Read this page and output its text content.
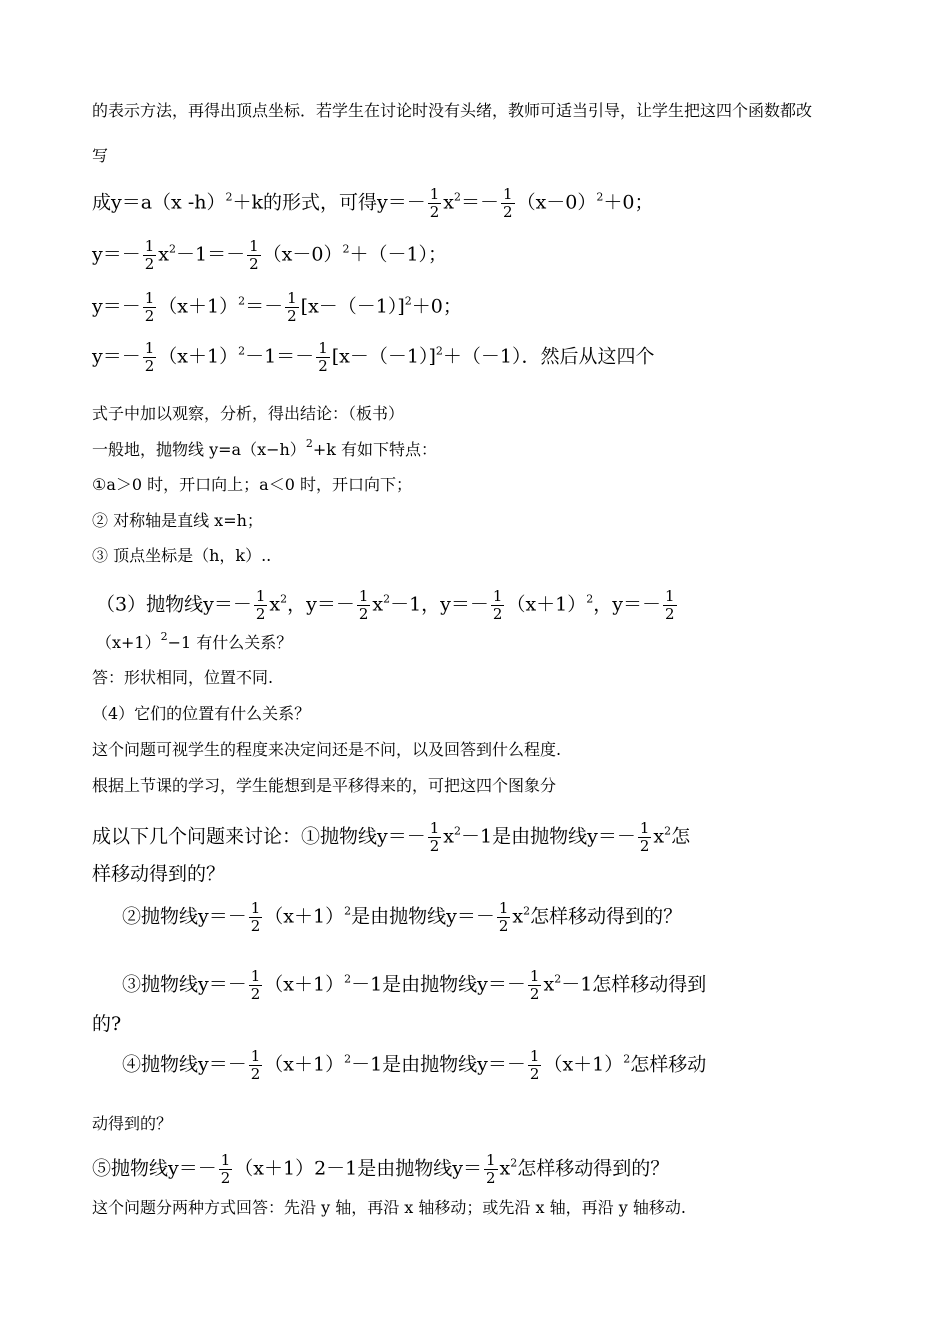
的表示方法，再得出顶点坐标．若学生在讨论时没有头绪，教师可适当引导，让学生把这四个函数都改
写
成y＝a（x -h）$^2$＋k的形式，可得$y=- \frac{1}{2} x^2=- \frac{1}{2} (x-0)^2+0$；
$y=- \frac{1}{2} x^2-1=- \frac{1}{2} (x-0)^2+(-1)$；
$y=- \frac{1}{2} (x+1)^2=- \frac{1}{2} [x-(-1)]^2+0$；
$y=- \frac{1}{2} (x+1)^2-1=- \frac{1}{2} [x-(-1)]^2+(-1)$．然后从这四个
式子中加以观察，分析，得出结论：（板书）
一般地，抛物线 $y=a(x-h)^2+k$ 有如下特点：
①a＞0 时，开口向上；a＜0 时，开口向下；
② 对称轴是直线 x=h；
③ 顶点坐标是（h，k）..
（3）抛物线$y=- \frac{1}{2} x^2$，$y=- \frac{1}{2} x^2-1$，$y=- \frac{1}{2} (x+1)^2$，$y=- \frac{1}{2}$
$(x+1)^2-1$ 有什么关系？
答：形状相同，位置不同.
（4）它们的位置有什么关系？
这个问题可视学生的程度来决定问还是不问，以及回答到什么程度.
根据上节课的学习，学生能想到是平移得来的，可把这四个图象分
成以下几个问题来讨论：①抛物线$y=- \frac{1}{2} x^2-1$是由抛物线$y=- \frac{1}{2} x^2$怎
样移动得到的？
②抛物线$y=- \frac{1}{2} (x+1)^2$是由抛物线$y=- \frac{1}{2} x^2$怎样移动得到的？
③抛物线$y=- \frac{1}{2} (x+1)^2-1$是由抛物线$y=- \frac{1}{2} x^2-1$怎样移动得到
的?
④抛物线$y=- \frac{1}{2} (x+1)^2-1$是由抛物线$y=- \frac{1}{2} (x+1)^2$怎样移动
动得到的？
⑤抛物线$y=- \frac{1}{2} (x+1)2-1$是由抛物线$y= \frac{1}{2} x^2$怎样移动得到的？
这个问题分两种方式回答：先沿 y 轴，再沿 x 轴移动；或先沿 x 轴，再沿 y 轴移动.
